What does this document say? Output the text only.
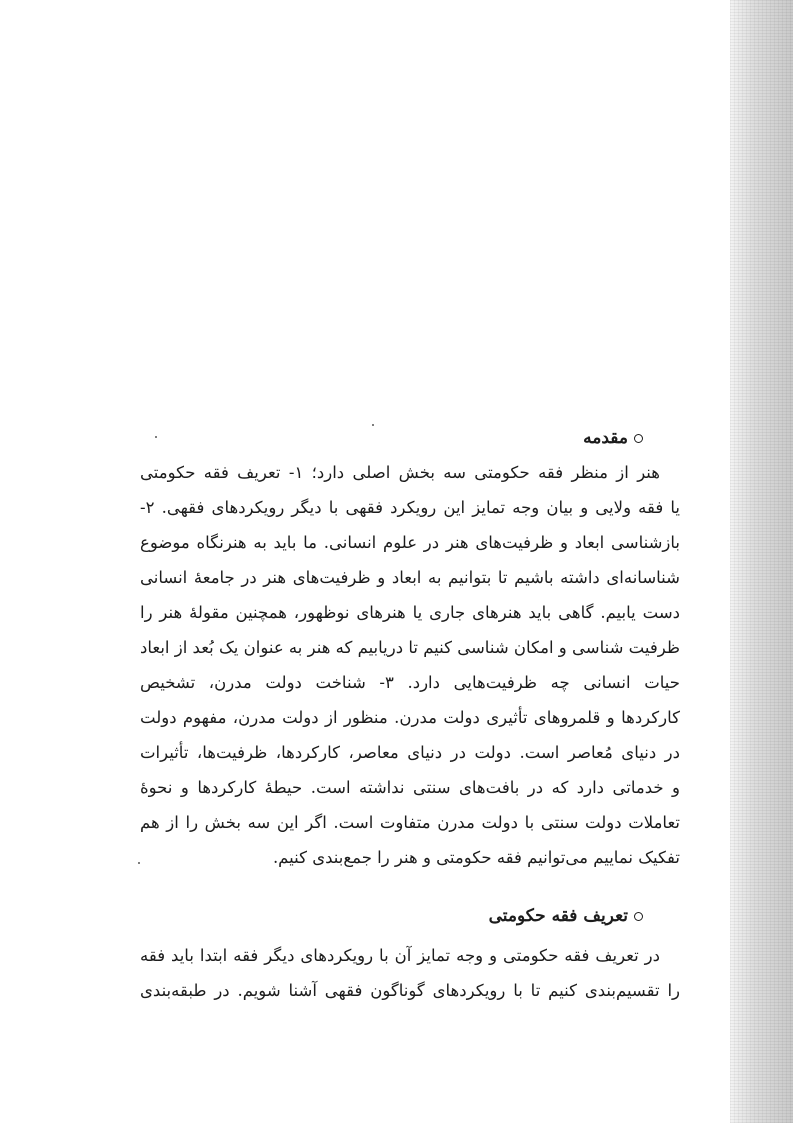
مقدمه
هنر از منظر فقه حکومتی سه بخش اصلی دارد؛ ۱- تعریف فقه حکومتی
یا فقه ولایی و بیان وجه تمایز این رویکرد فقهی با دیگر رویکردهای فقهی. ۲-
بازشناسی ابعاد و ظرفیت‌های هنر در علوم انسانی. ما باید به هنرنگاه موضوع
شناسانه‌ای داشته باشیم تا بتوانیم به ابعاد و ظرفیت‌های هنر در جامعهٔ انسانی
دست یابیم. گاهی باید هنرهای جاری یا هنرهای نوظهور، همچنین مقولهٔ هنر را
ظرفیت شناسی و امکان شناسی کنیم تا دریابیم که هنر به عنوان یک بُعد از ابعاد
حیات انسانی چه ظرفیت‌هایی دارد. ۳- شناخت دولت مدرن، تشخیص
کارکردها و قلمروهای تأثیری دولت مدرن. منظور از دولت مدرن، مفهوم دولت
در دنیای مُعاصر است. دولت در دنیای معاصر، کارکردها، ظرفیت‌ها، تأثیرات
و خدماتی دارد که در بافت‌های سنتی نداشته است. حیطهٔ کارکردها و نحوهٔ
تعاملات دولت سنتی با دولت مدرن متفاوت است. اگر این سه بخش را از هم
تفکیک نماییم می‌توانیم فقه حکومتی و هنر را جمع‌بندی کنیم.
تعریف فقه حکومتی
در تعریف فقه حکومتی و وجه تمایز آن با رویکردهای دیگر فقه ابتدا باید فقه
را تقسیم‌بندی کنیم تا با رویکردهای گوناگون فقهی آشنا شویم. در طبقه‌بندی
